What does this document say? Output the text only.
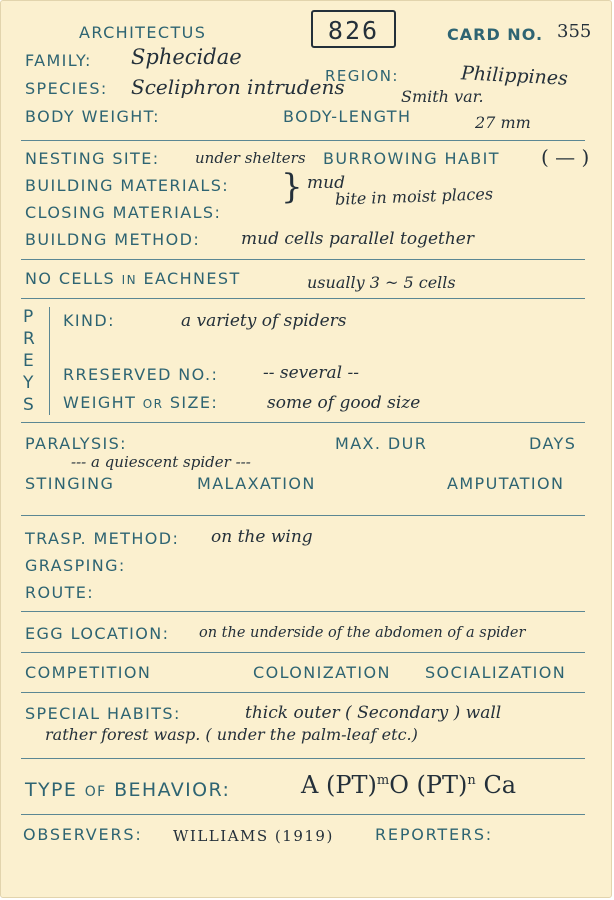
ARCHITECTUS	826	CARD NO. 355
FAMILY: Sphecidae
REGION:	Philippines
SPECIES: Sceliphron intrudens	Smith var.
BODY WEIGHT:	BODY-LENGTH	27 mm
NESTING SITE: under shelters BURROWING HABIT ( — )
BUILDING MATERIALS: } mud
bite in moist places
CLOSING MATERIALS:
BUILDNG METHOD: mud cells parallel together
NO CELLS IN EACHNEST	usually 3 ~ 5 cells
P
R
E
Y
S
KIND:	a variety of spiders
RRESERVED NO.:	-- several --
WEIGHT OR SIZE:	some of good size
PARALYSIS:	MAX. DUR	DAYS
--- a quiescent spider ---
STINGING	MALAXATION	AMPUTATION
TRASP. METHOD: on the wing
GRASPING:
ROUTE:
EGG LOCATION: on the underside of the abdomen of a spider
COMPETITION	COLONIZATION SOCIALIZATION
SPECIAL HABITS:	thick outer ( Secondary ) wall
rather forest wasp. ( under the palm-leaf etc.)
TYPE OF BEHAVIOR:	A (PT)$^m$O (PT)$^n$ Ca
OBSERVERS: WILLIAMS (1919)	REPORTERS:
